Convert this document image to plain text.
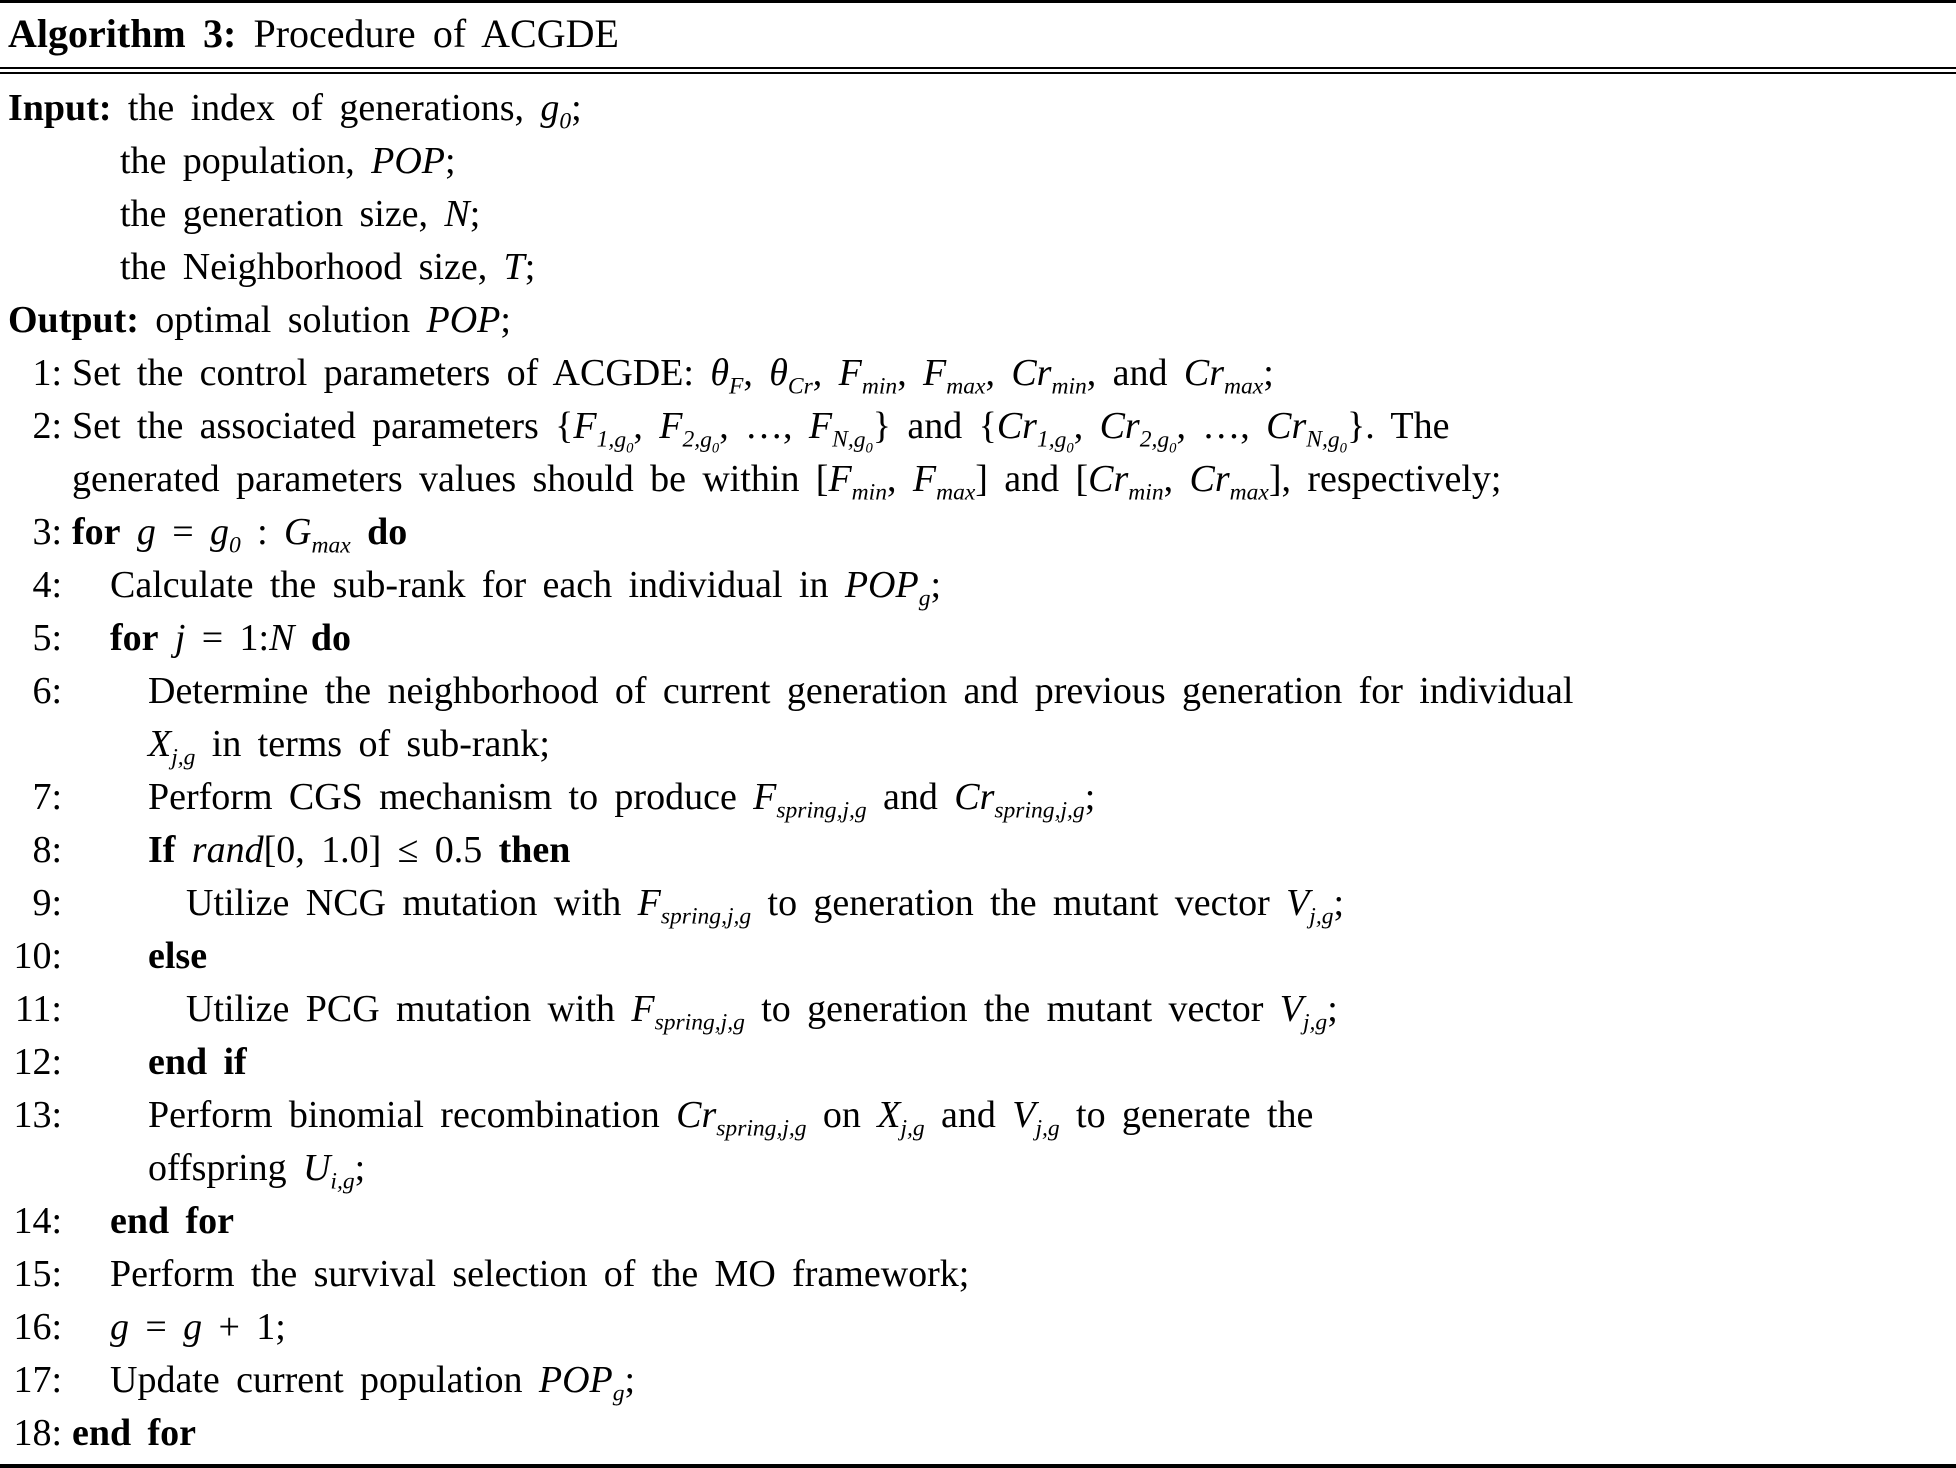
Algorithm 3: Procedure of ACGDE
Input: the index of generations, $g_0$;
the population, POP;
the generation size, N;
the Neighborhood size, T;
Output: optimal solution POP;
1: Set the control parameters of ACGDE: $\theta_F$, $\theta_{Cr}$, $F_{min}$, $F_{max}$, $Cr_{min}$, and $Cr_{max}$;
2: Set the associated parameters {$F_{1,g_0}$, $F_{2,g_0}$, …, $F_{N,g_0}$} and {$Cr_{1,g_0}$, $Cr_{2,g_0}$, …, $Cr_{N,g_0}$}. The

generated parameters values should be within [$F_{min}$, $F_{max}$] and [$Cr_{min}$, $Cr_{max}$], respectively;
3: for $g = g_0$ : $G_{max}$ do
4:	Calculate the sub-rank for each individual in $POP_g$;
5:	for j = 1:N do
6:	Determine the neighborhood of current generation and previous generation for individual

$X_{j,g}$ in terms of sub-rank;
7:	Perform CGS mechanism to produce $F_{spring,j,g}$ and $Cr_{spring,j,g}$;
8:	If rand[0, 1.0] ≤ 0.5 then
9:	Utilize NCG mutation with $F_{spring,j,g}$ to generation the mutant vector $V_{j,g}$;
10:	else
11:	Utilize PCG mutation with $F_{spring,j,g}$ to generation the mutant vector $V_{j,g}$;
12:	end if
13:	Perform binomial recombination $Cr_{spring,j,g}$ on $X_{j,g}$ and $V_{j,g}$ to generate the

offspring $U_{i,g}$;
14:	end for
15:	Perform the survival selection of the MO framework;
16:	g = g + 1;
17:	Update current population $POP_g$;
18: end for
